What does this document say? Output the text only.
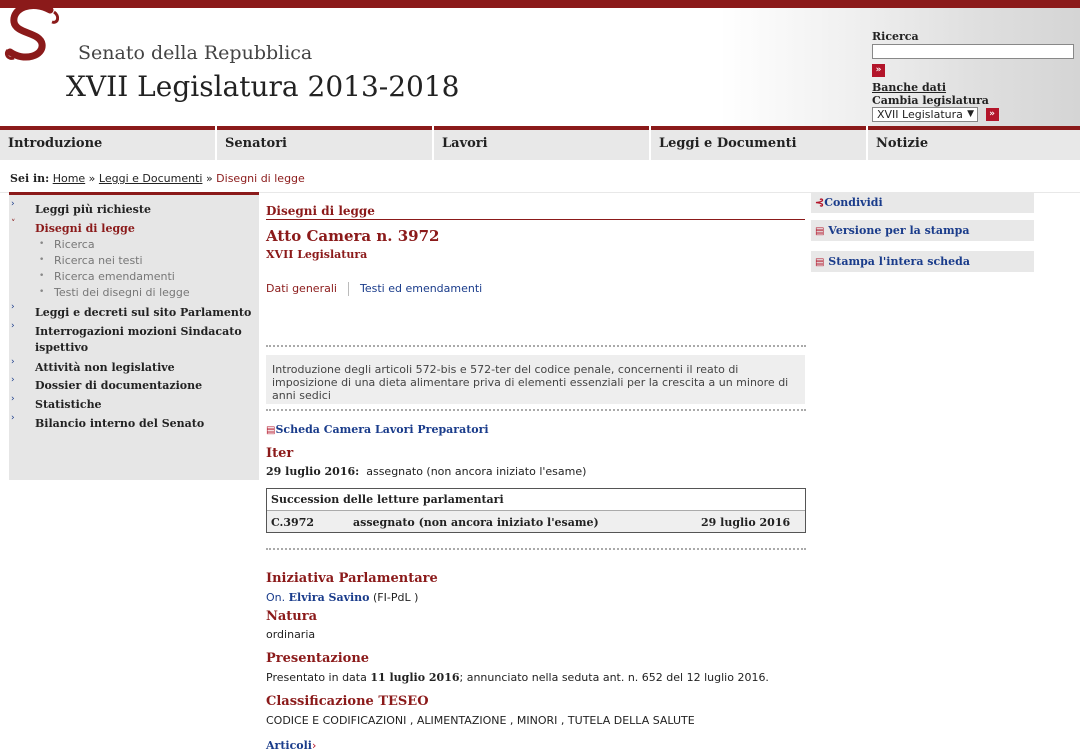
Senato della Repubblica
XVII Legislatura 2013-2018
Ricerca
»
Banche dati
Cambia legislatura
XVII Legislatura ▼ »
Introduzione	Senatori	Lavori	Leggi e Documenti	Notizie
Sei in: Home » Leggi e Documenti » Disegni di legge
› Leggi più richieste
˅ Disegni di legge
• Ricerca
• Ricerca nei testi
• Ricerca emendamenti
• Testi dei disegni di legge
› Leggi e decreti sul sito Parlamento
› Interrogazioni mozioni Sindacato
ispettivo
› Attività non legislative
› Dossier di documentazione
› Statistiche
› Bilancio interno del Senato
Disegni di legge
Atto Camera n. 3972
XVII Legislatura
Dati generali Testi ed emendamenti
Introduzione degli articoli 572-bis e 572-ter del codice penale, concernenti il reato di imposizione di una dieta alimentare priva di elementi essenziali per la crescita a un minore di anni sedici
▤Scheda Camera Lavori Preparatori
Iter
29 luglio 2016: assegnato (non ancora iniziato l'esame)
Succession delle letture parlamentari
C.3972	assegnato (non ancora iniziato l'esame)	29 luglio 2016
Iniziativa Parlamentare
On. Elvira Savino (FI-PdL )
Natura
ordinaria
Presentazione
Presentato in data 11 luglio 2016; annunciato nella seduta ant. n. 652 del 12 luglio 2016.
Classificazione TESEO
CODICE E CODIFICAZIONI , ALIMENTAZIONE , MINORI , TUTELA DELLA SALUTE
Articoli›
⊰Condividi
▤ Versione per la stampa
▤ Stampa l'intera scheda
